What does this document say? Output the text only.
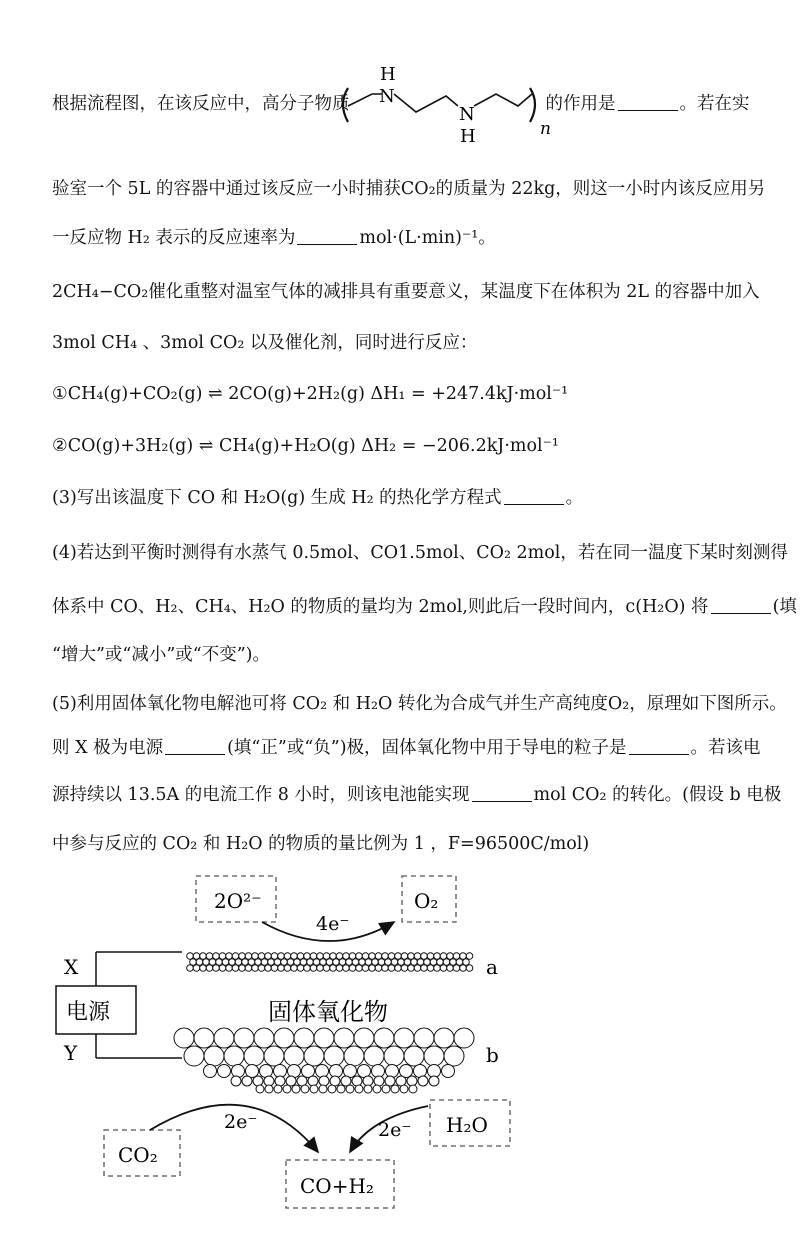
根据流程图，在该反应中，高分子物质	的作用是	。若在实
H
N
N
H	n
验室一个 5L 的容器中通过该反应一小时捕获CO₂的质量为 22kg，则这一小时内该反应用另
一反应物 H₂ 表示的反应速率为	mol·(L·min)⁻¹。
2CH₄−CO₂催化重整对温室气体的减排具有重要意义，某温度下在体积为 2L 的容器中加入
3mol CH₄ 、3mol CO₂ 以及催化剂，同时进行反应：
①CH₄(g)+CO₂(g) ⇌ 2CO(g)+2H₂(g) ΔH₁ = +247.4kJ·mol⁻¹
②CO(g)+3H₂(g) ⇌ CH₄(g)+H₂O(g) ΔH₂ = −206.2kJ·mol⁻¹
(3)写出该温度下 CO 和 H₂O(g) 生成 H₂ 的热化学方程式	。
(4)若达到平衡时测得有水蒸气 0.5mol、CO1.5mol、CO₂ 2mol，若在同一温度下某时刻测得
体系中 CO、H₂、CH₄、H₂O 的物质的量均为 2mol,则此后一段时间内，c(H₂O) 将	(填
“增大”或“减小”或“不变”)。
(5)利用固体氧化物电解池可将 CO₂ 和 H₂O 转化为合成气并生产高纯度O₂，原理如下图所示。
则 X 极为电源	(填“正”或“负”)极，固体氧化物中用于导电的粒子是	。若该电
源持续以 13.5A 的电流工作 8 小时，则该电池能实现	mol CO₂ 的转化。(假设 b 电极
中参与反应的 CO₂ 和 H₂O 的物质的量比例为 1 ，F=96500C/mol)
2O²⁻	O₂
4e⁻
X
Y
电源
a
固体氧化物
b
CO₂
H₂O
2e⁻	2e⁻
CO+H₂
